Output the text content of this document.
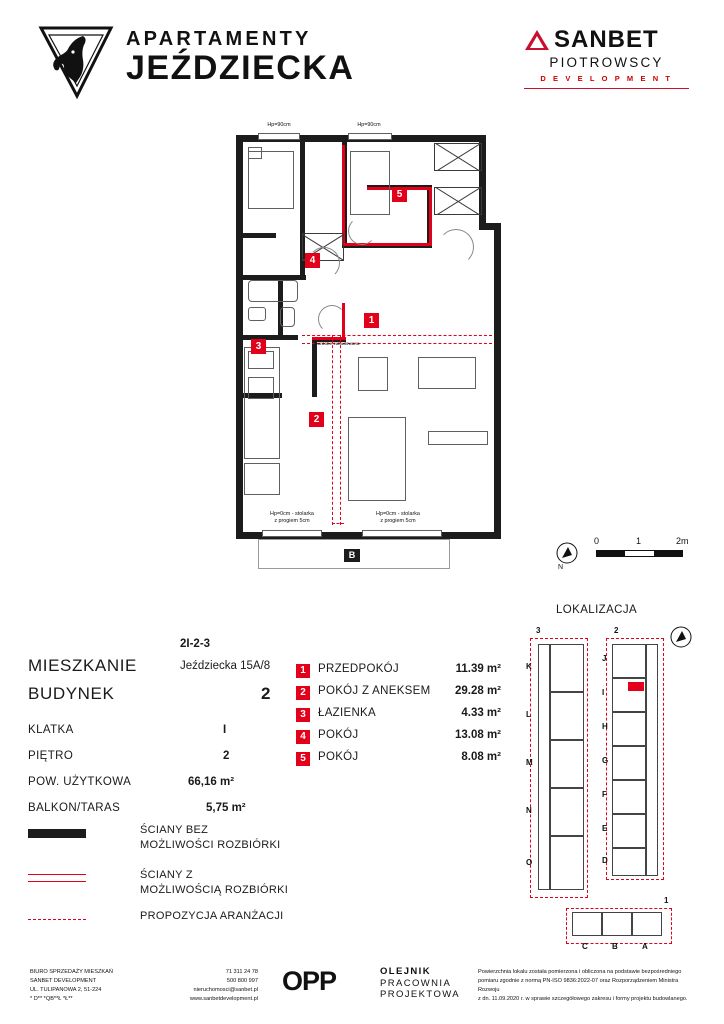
APARTAMENTY
JEŹDZIECKA
SANBET
PIOTROWSCY
D E V E L O P M E N T
Hp=90cm	Hp=90cm
Hp=0cm - stolarka
z progiem 5cm
Hp=0cm - stolarka
z progiem 5cm
wardobe zabudowana
1
2
3
4
5
B
N
0	1	2m
2I-2-3
MIESZKANIE	Jeździecka 15A/8
BUDYNEK	2
KLATKA	I
PIĘTRO	2
POW. UŻYTKOWA	66,16 m²
BALKON/TARAS	5,75 m²
1	PRZEDPOKÓJ	11.39 m²
2	POKÓJ Z ANEKSEM	29.28 m²
3	ŁAZIENKA	4.33 m²
4	POKÓJ	13.08 m²
5	POKÓJ	8.08 m²
ŚCIANY BEZ
MOŻLIWOŚCI ROZBIÓRKI
ŚCIANY Z
MOŻLIWOŚCIĄ ROZBIÓRKI
PROPOZYCJA ARANŻACJI
LOKALIZACJA
3	2
1
K
L
M
N
O
J
I
H
G
F
E
D
C	B	A
BIURO SPRZEDAŻY MIESZKAŃ
SANBET DEVELOPMENT
UL. TULIPANOWA 2, 51-224
* D** *QB**Ł *Ł**
71 311 24 78
500 800 997
nieruchomosci@sanbet.pl
www.sanbetdevelopment.pl
OPP	OLEJNIK
PRACOWNIA
PROJEKTOWA
Powierzchnia lokalu została pomierzona i obliczona na podstawie bezpośredniego
pomiaru zgodnie z normą PN-ISO 9836:2022-07 oraz Rozporządzeniem Ministra Rozwoju
z dn. 11.09.2020 r. w sprawie szczegółowego zakresu i formy projektu budowlanego.
